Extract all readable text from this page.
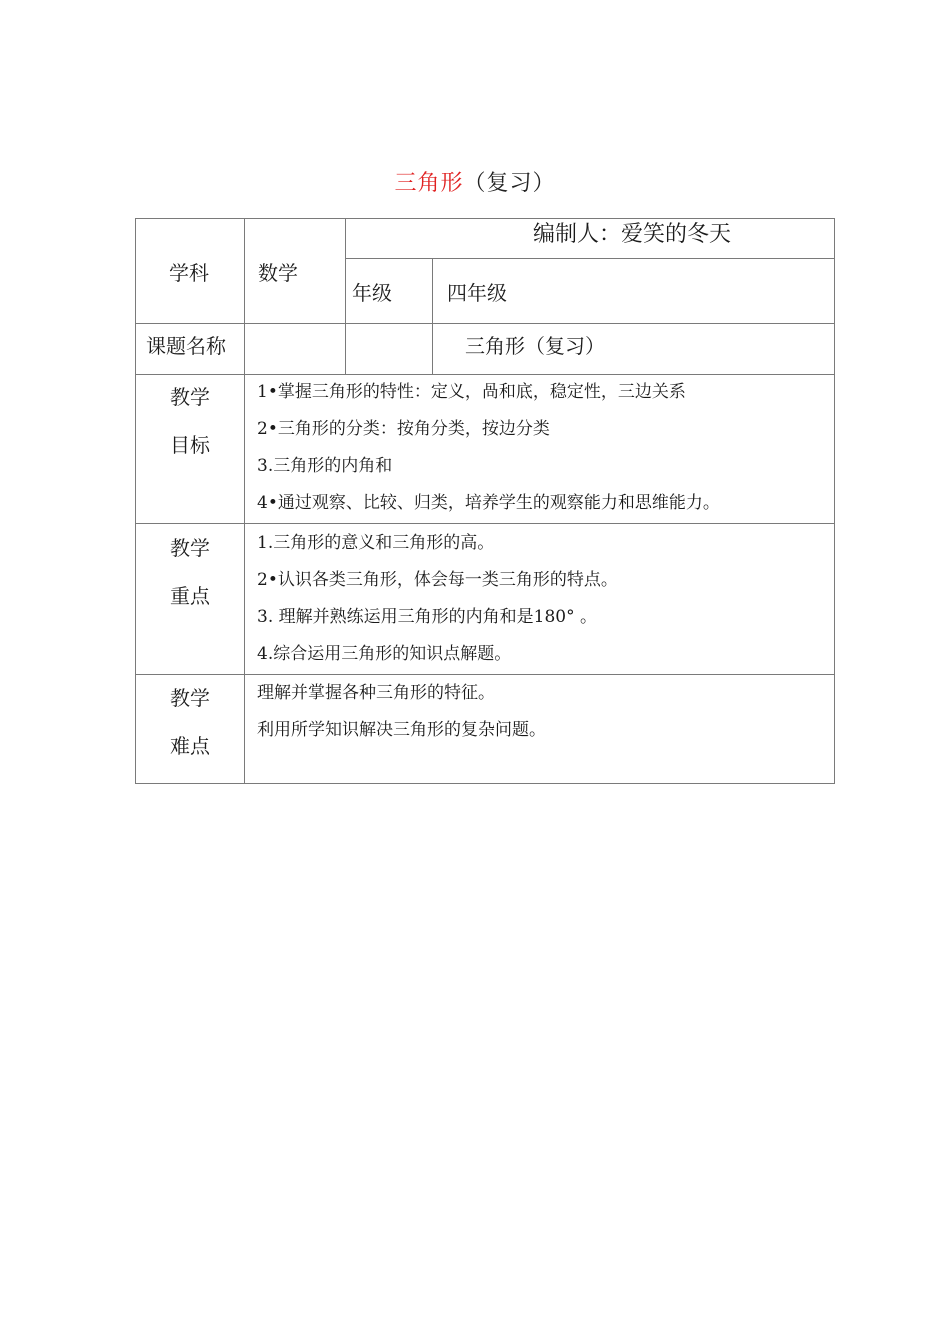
三角形（复习）
学科 数学
编制人：爱笑的冬天
年级	四年级
课题名称	三角形（复习）
教学
目标
1•掌握三角形的特性：定义，咼和底，稳定性，三边关系
2•三角形的分类：按角分类，按边分类
3.三角形的内角和
4•通过观察、比较、归类，培养学生的观察能力和思维能力。
教学
重点
1.三角形的意义和三角形的高。
2•认识各类三角形，体会每一类三角形的特点。
3. 理解并熟练运用三角形的内角和是180° 。
4.综合运用三角形的知识点解题。
教学
难点
理解并掌握各种三角形的特征。
利用所学知识解决三角形的复杂问题。
